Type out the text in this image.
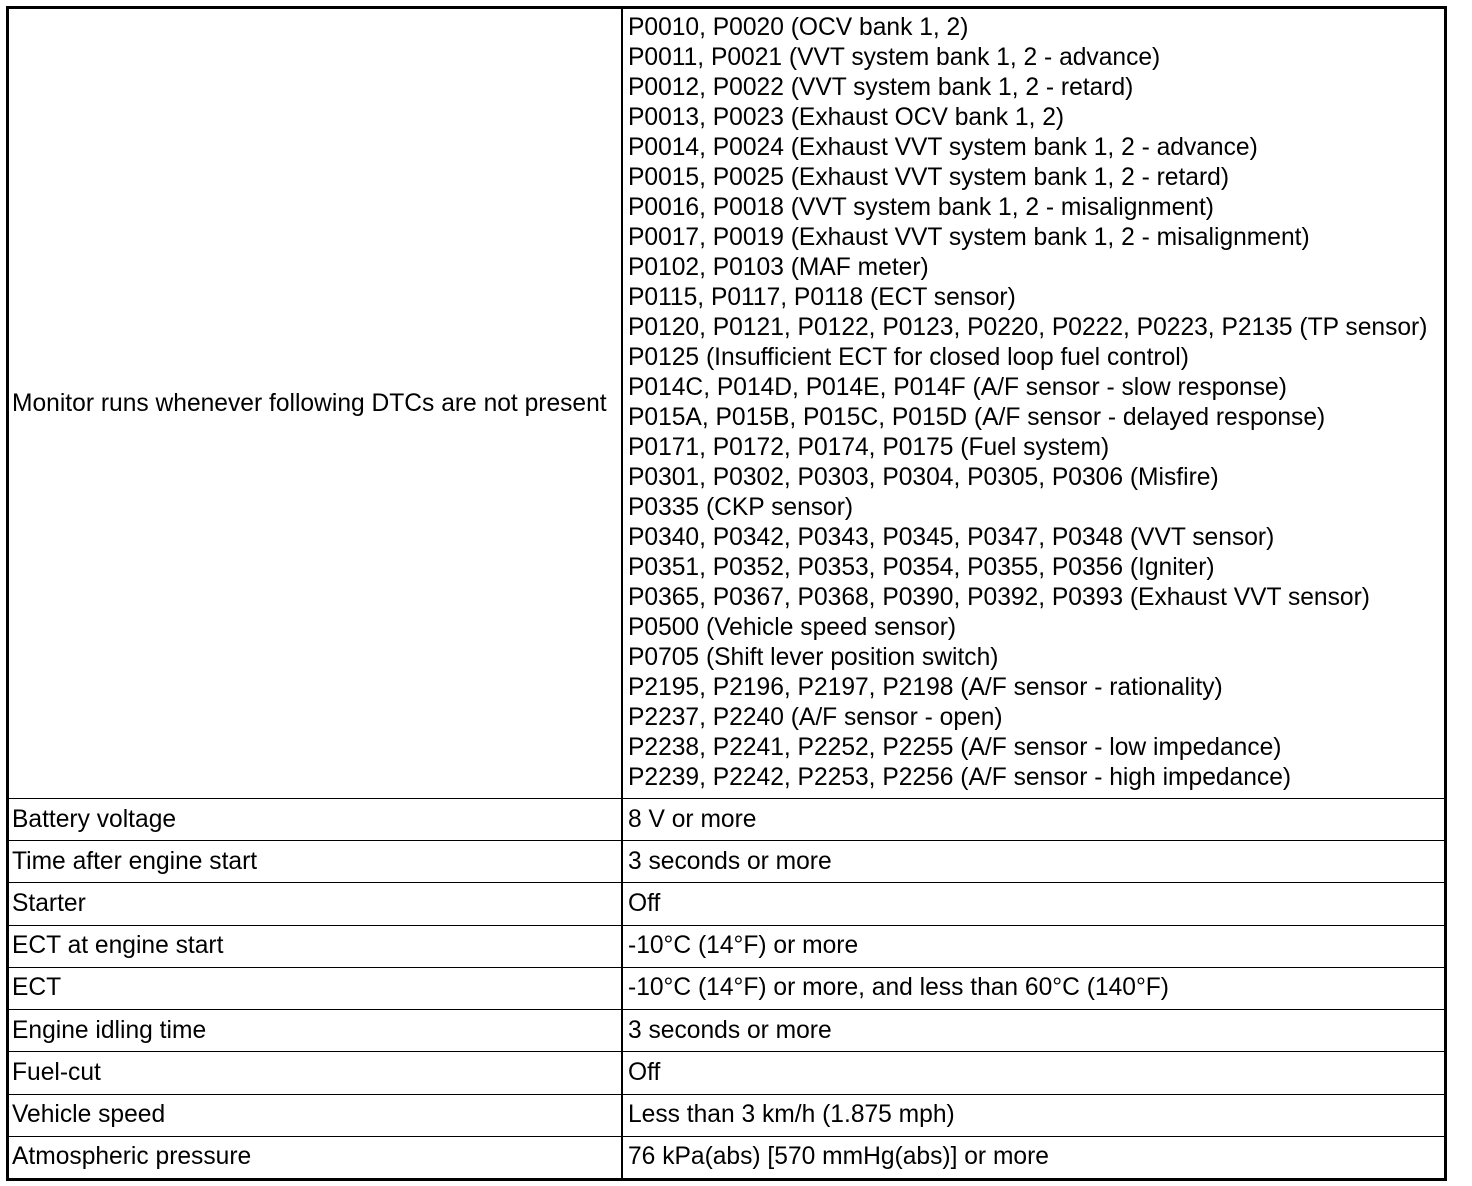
Monitor runs whenever following DTCs are not present
P0010, P0020 (OCV bank 1, 2)
P0011, P0021 (VVT system bank 1, 2 - advance)
P0012, P0022 (VVT system bank 1, 2 - retard)
P0013, P0023 (Exhaust OCV bank 1, 2)
P0014, P0024 (Exhaust VVT system bank 1, 2 - advance)
P0015, P0025 (Exhaust VVT system bank 1, 2 - retard)
P0016, P0018 (VVT system bank 1, 2 - misalignment)
P0017, P0019 (Exhaust VVT system bank 1, 2 - misalignment)
P0102, P0103 (MAF meter)
P0115, P0117, P0118 (ECT sensor)
P0120, P0121, P0122, P0123, P0220, P0222, P0223, P2135 (TP sensor)
P0125 (Insufficient ECT for closed loop fuel control)
P014C, P014D, P014E, P014F (A/F sensor - slow response)
P015A, P015B, P015C, P015D (A/F sensor - delayed response)
P0171, P0172, P0174, P0175 (Fuel system)
P0301, P0302, P0303, P0304, P0305, P0306 (Misfire)
P0335 (CKP sensor)
P0340, P0342, P0343, P0345, P0347, P0348 (VVT sensor)
P0351, P0352, P0353, P0354, P0355, P0356 (Igniter)
P0365, P0367, P0368, P0390, P0392, P0393 (Exhaust VVT sensor)
P0500 (Vehicle speed sensor)
P0705 (Shift lever position switch)
P2195, P2196, P2197, P2198 (A/F sensor - rationality)
P2237, P2240 (A/F sensor - open)
P2238, P2241, P2252, P2255 (A/F sensor - low impedance)
P2239, P2242, P2253, P2256 (A/F sensor - high impedance)
Battery voltage	8 V or more
Time after engine start	3 seconds or more
Starter	Off
ECT at engine start	-10°C (14°F) or more
ECT	-10°C (14°F) or more, and less than 60°C (140°F)
Engine idling time	3 seconds or more
Fuel-cut	Off
Vehicle speed	Less than 3 km/h (1.875 mph)
Atmospheric pressure	76 kPa(abs) [570 mmHg(abs)] or more
